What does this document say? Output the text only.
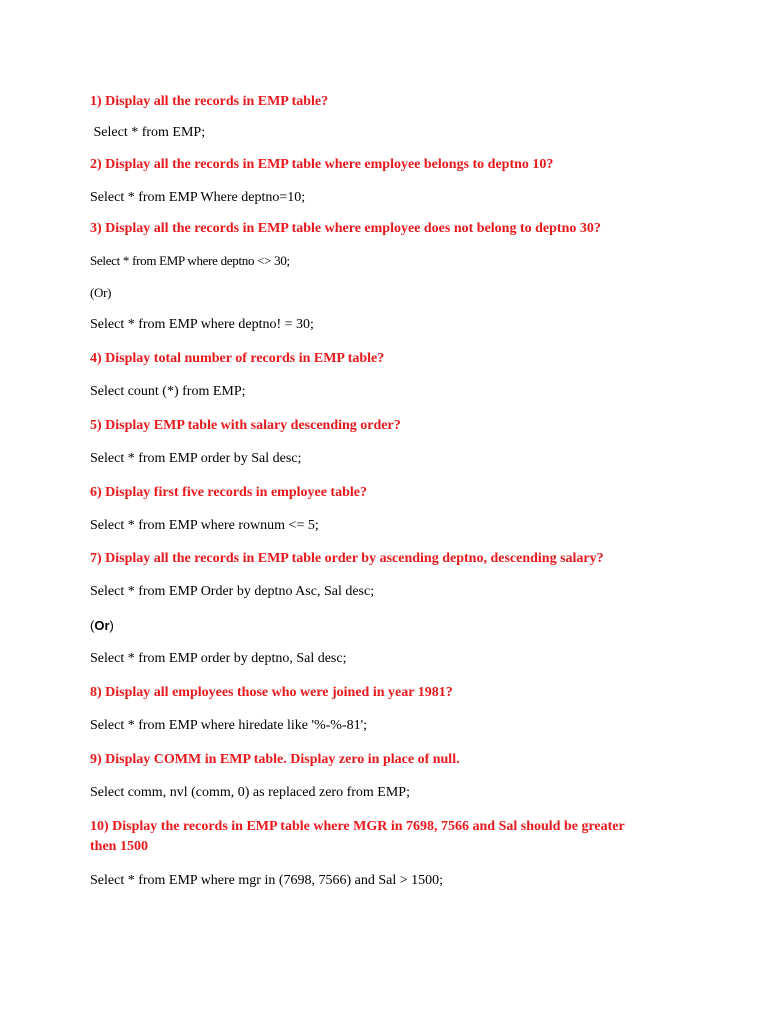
1) Display all the records in EMP table?
Select * from EMP;
2) Display all the records in EMP table where employee belongs to deptno 10?
Select * from EMP Where deptno=10;
3) Display all the records in EMP table where employee does not belong to deptno 30?
Select * from EMP where deptno <> 30;
(Or)
Select * from EMP where deptno! = 30;
4) Display total number of records in EMP table?
Select count (*) from EMP;
5) Display EMP table with salary descending order?
Select * from EMP order by Sal desc;
6) Display first five records in employee table?
Select * from EMP where rownum <= 5;
7) Display all the records in EMP table order by ascending deptno, descending salary?
Select * from EMP Order by deptno Asc, Sal desc;
(Or)
Select * from EMP order by deptno, Sal desc;
8) Display all employees those who were joined in year 1981?
Select * from EMP where hiredate like '%-%-81';
9) Display COMM in EMP table. Display zero in place of null.
Select comm, nvl (comm, 0) as replaced zero from EMP;
10) Display the records in EMP table where MGR in 7698, 7566 and Sal should be greater
then 1500
Select * from EMP where mgr in (7698, 7566) and Sal > 1500;
